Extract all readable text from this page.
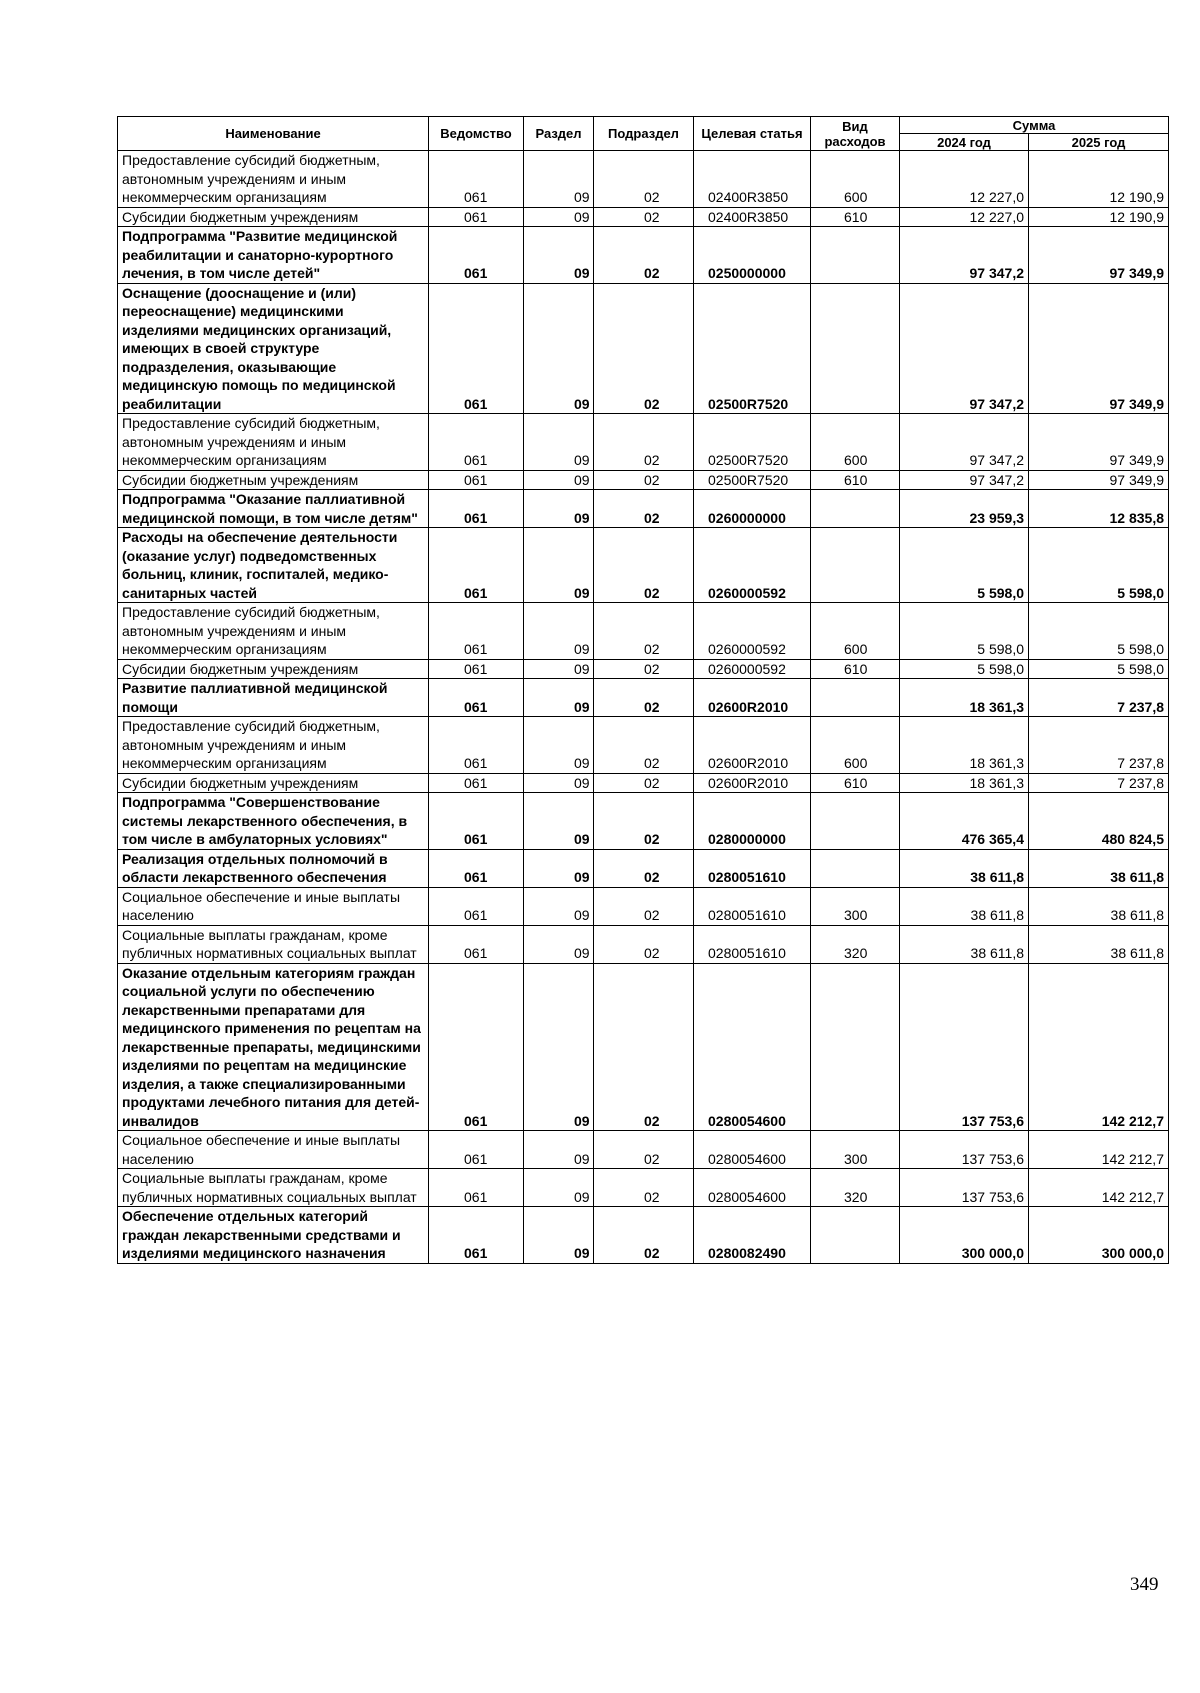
Наименование	Ведомство	Раздел	Подраздел	Целевая статья	Вид расходов	Сумма	
						2024 год	2025 год
Предоставление субсидий бюджетным, автономным учреждениям и иным некоммерческим организациям	061	09	02	02400R3850	600	12 227,0	12 190,9
Субсидии бюджетным учреждениям	061	09	02	02400R3850	610	12 227,0	12 190,9
Подпрограмма "Развитие медицинской реабилитации и санаторно-курортного лечения, в том числе детей"	061	09	02	0250000000		97 347,2	97 349,9
Оснащение (дооснащение и (или) переоснащение) медицинскими изделиями медицинских организаций, имеющих в своей структуре подразделения, оказывающие медицинскую помощь по медицинской реабилитации	061	09	02	02500R7520		97 347,2	97 349,9
Предоставление субсидий бюджетным, автономным учреждениям и иным некоммерческим организациям	061	09	02	02500R7520	600	97 347,2	97 349,9
Субсидии бюджетным учреждениям	061	09	02	02500R7520	610	97 347,2	97 349,9
Подпрограмма "Оказание паллиативной медицинской помощи, в том числе детям"	061	09	02	0260000000		23 959,3	12 835,8
Расходы на обеспечение деятельности (оказание услуг) подведомственных больниц, клиник, госпиталей, медико-санитарных частей	061	09	02	0260000592		5 598,0	5 598,0
Предоставление субсидий бюджетным, автономным учреждениям и иным некоммерческим организациям	061	09	02	0260000592	600	5 598,0	5 598,0
Субсидии бюджетным учреждениям	061	09	02	0260000592	610	5 598,0	5 598,0
Развитие паллиативной медицинской помощи	061	09	02	02600R2010		18 361,3	7 237,8
Предоставление субсидий бюджетным, автономным учреждениям и иным некоммерческим организациям	061	09	02	02600R2010	600	18 361,3	7 237,8
Субсидии бюджетным учреждениям	061	09	02	02600R2010	610	18 361,3	7 237,8
Подпрограмма "Совершенствование системы лекарственного обеспечения, в том числе в амбулаторных условиях"	061	09	02	0280000000		476 365,4	480 824,5
Реализация отдельных полномочий в области лекарственного обеспечения	061	09	02	0280051610		38 611,8	38 611,8
Социальное обеспечение и иные выплаты населению	061	09	02	0280051610	300	38 611,8	38 611,8
Социальные выплаты гражданам, кроме публичных нормативных социальных выплат	061	09	02	0280051610	320	38 611,8	38 611,8
Оказание отдельным категориям граждан социальной услуги по обеспечению лекарственными препаратами для медицинского применения по рецептам на лекарственные препараты, медицинскими изделиями по рецептам на медицинские изделия, а также специализированными продуктами лечебного питания для детей-инвалидов	061	09	02	0280054600		137 753,6	142 212,7
Социальное обеспечение и иные выплаты населению	061	09	02	0280054600	300	137 753,6	142 212,7
Социальные выплаты гражданам, кроме публичных нормативных социальных выплат	061	09	02	0280054600	320	137 753,6	142 212,7
Обеспечение отдельных категорий граждан лекарственными средствами и изделиями медицинского назначения	061	09	02	0280082490		300 000,0	300 000,0
349
